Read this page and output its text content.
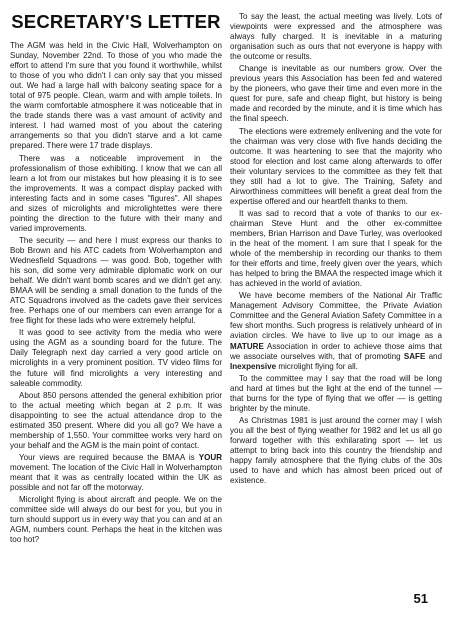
SECRETARY'S LETTER

The AGM was held in the Civic Hall, Wolverhampton on Sunday, November 22nd. To those of you who made the effort to attend I'm sure that you found it worthwhile, whilst to those of you who didn't I can only say that you missed out. We had a large hall with balcony seating space for a total of 975 people. Clean, warm and with ample toilets. In the warm comfortable atmosphere it was noticeable that in the trade stands there was a vast amount of activity and interest. I had warned most of you about the catering arrangements so that you didn't starve and a lot came prepared. There were 17 trade displays.

There was a noticeable improvement in the professionalism of those exhibiting. I know that we can all learn a lot from our mistakes but how pleasing it is to see the improvements. It was a compact display packed with interesting facts and in some cases "figures". All shapes and sizes of microlights and microlightettes were there pointing the direction to the future with their many and varied improvements.

The security — and here I must express our thanks to Bob Brown and his ATC cadets from Wolverhampton and Wednesfield Squadrons — was good. Bob, together with his son, did some very admirable diplomatic work on our behalf. We didn't want bomb scares and we didn't get any. BMAA will be sending a small donation to the funds of the ATC Squadrons involved as the cadets gave their services free. Perhaps one of our members can even arrange for a free flight for these lads who were extremely helpful.

It was good to see activity from the media who were using the AGM as a sounding board for the future. The Daily Telegraph next day carried a very good article on microlights in a very prominent position. TV video films for the future will find microlights a very interesting and saleable commodity.

About 850 persons attended the general exhibition prior to the actual meeting which began at 2 p.m. It was disappointing to see the actual attendance drop to the estimated 350 present. Where did you all go? We have a membership of 1,550. Your committee works very hard on your behalf and the AGM is the main point of contact.

Your views are required because the BMAA is YOUR movement. The location of the Civic Hall in Wolverhampton meant that it was as centrally located within the UK as possible and not far off the motorway.

Microlight flying is about aircraft and people. We on the committee side will always do our best for you, but you in turn should support us in every way that you can and at an AGM, numbers count. Perhaps the heat in the kitchen was too hot?

To say the least, the actual meeting was lively. Lots of viewpoints were expressed and the atmosphere was always fully charged. It is inevitable in a maturing organisation such as ours that not everyone is happy with the outcome or results.

Change is inevitable as our numbers grow. Over the previous years this Association has been fed and watered by the pioneers, who gave their time and even more in the quest for pure, safe and cheap flight, but history is being made and recorded by the minute, and it is time which has the final speech.

The elections were extremely enlivening and the vote for the chairman was very close with five hands deciding the outcome. It was heartening to see that the majority who stood for election and lost came along afterwards to offer their voluntary services to the committee as they felt that they still had a lot to give. The Training, Safety and Airworthiness committees will benefit a great deal from the expertise offered and our heartfelt thanks to them.

It was sad to record that a vote of thanks to our ex-chairman Steve Hunt and the other ex-committee members, Brian Harrison and Dave Turley, was overlooked in the heat of the moment. I am sure that I speak for the whole of the membership in recording our thanks to them for their efforts and time, freely given over the years, which has helped to bring the BMAA the respected image which it has achieved in the world of aviation.

We have become members of the National Air Traffic Management Advisory Committee, the Private Aviation Committee and the General Aviation Safety Committee in a few short months. Such progress is relatively unheard of in aviation circles. We have to live up to our image as a MATURE Association in order to achieve those aims that we associate ourselves with, that of promoting SAFE and Inexpensive microlight flying for all.

To the committee may I say that the road will be long and hard at times but the light at the end of the tunnel — that burns for the type of flying that we offer — is getting brighter by the minute.

As Christmas 1981 is just around the corner may I wish you all the best of flying weather for 1982 and let us all go forward together with this exhilarating sport — let us attempt to bring back into this country the friendship and happy family atmosphere that the flying clubs of the 30s used to have and which has almost been priced out of existence.

51
